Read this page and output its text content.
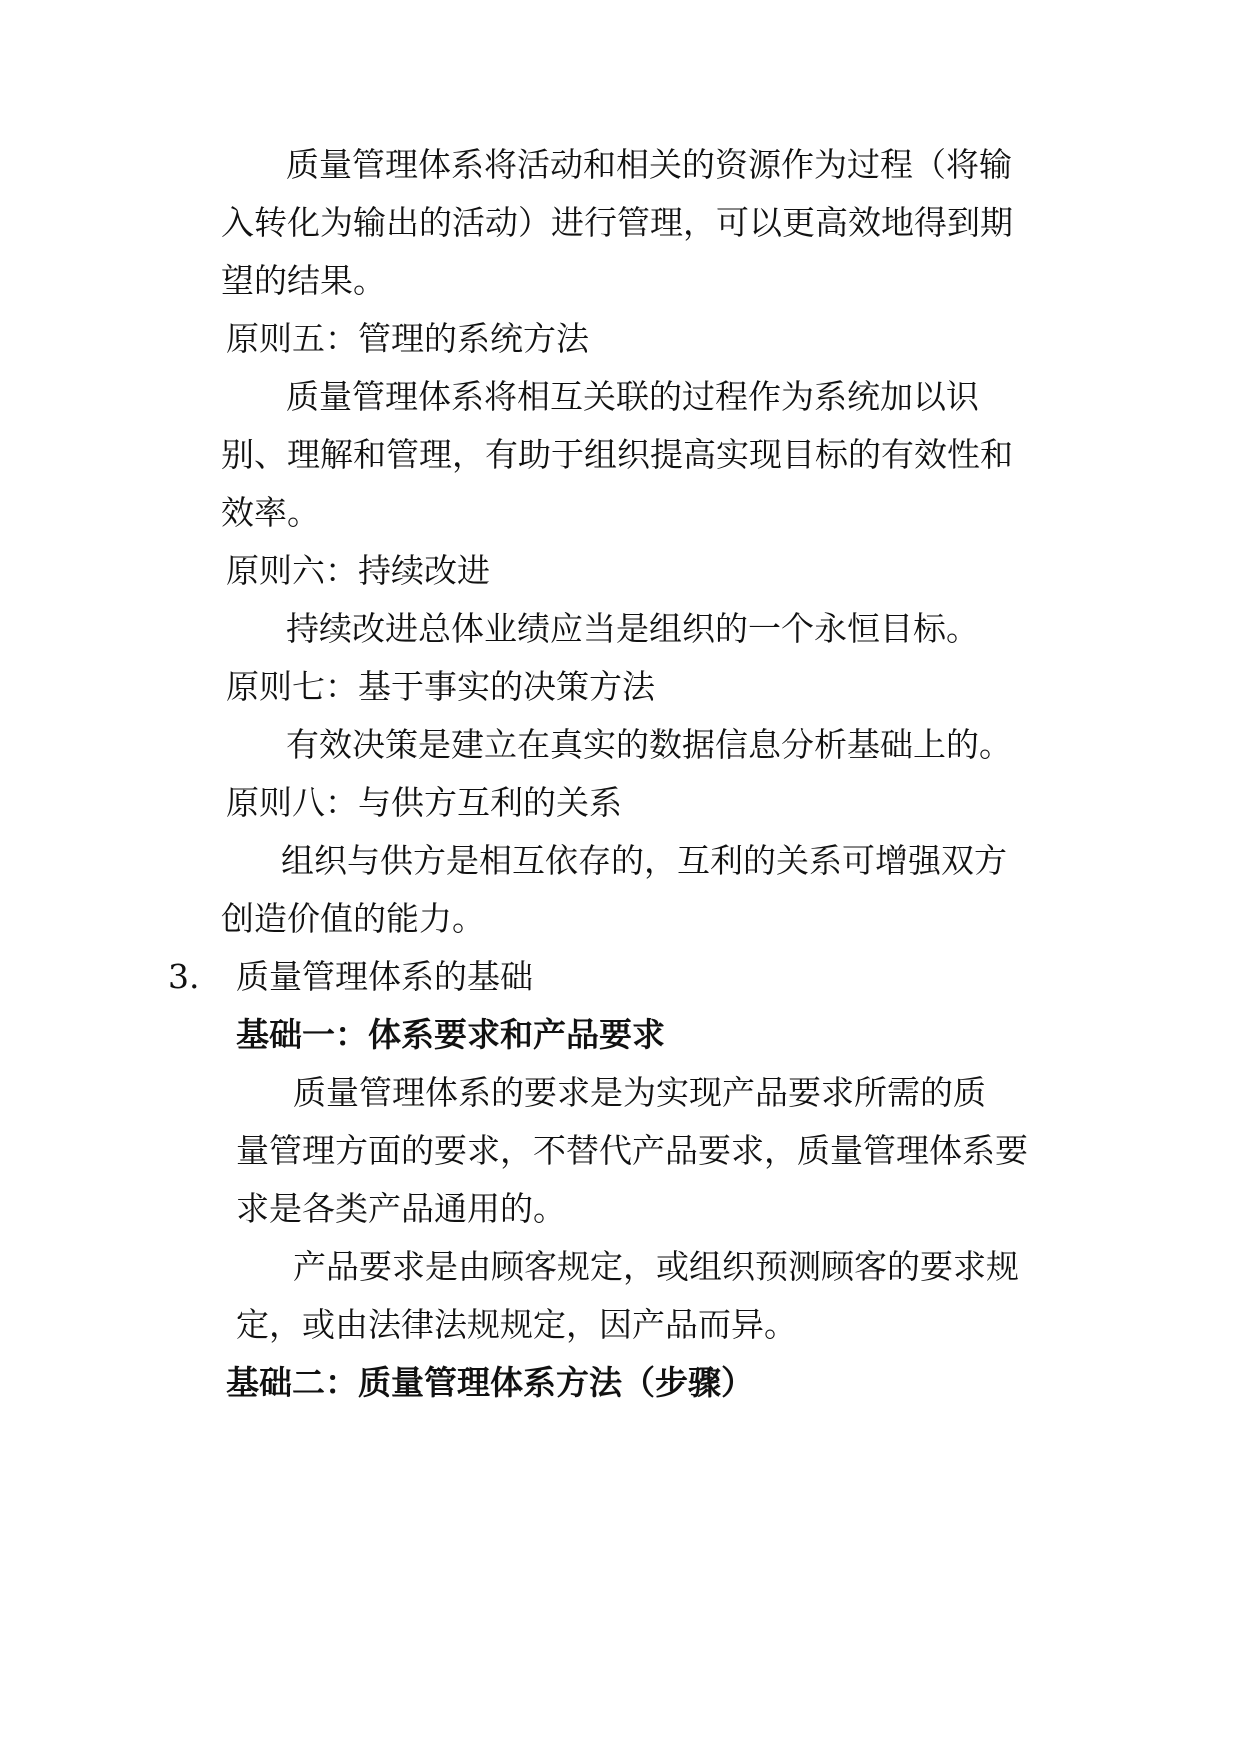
质量管理体系将活动和相关的资源作为过程（将输

入转化为输出的活动）进行管理，可以更高效地得到期

望的结果。

原则五：管理的系统方法

质量管理体系将相互关联的过程作为系统加以识

别、理解和管理，有助于组织提高实现目标的有效性和

效率。

原则六：持续改进

持续改进总体业绩应当是组织的一个永恒目标。

原则七：基于事实的决策方法

有效决策是建立在真实的数据信息分析基础上的。

原则八：与供方互利的关系

组织与供方是相互依存的，互利的关系可增强双方

创造价值的能力。

3. 质量管理体系的基础

基础一：体系要求和产品要求

质量管理体系的要求是为实现产品要求所需的质

量管理方面的要求，不替代产品要求，质量管理体系要

求是各类产品通用的。

产品要求是由顾客规定，或组织预测顾客的要求规

定，或由法律法规规定，因产品而异。

基础二：质量管理体系方法（步骤）
